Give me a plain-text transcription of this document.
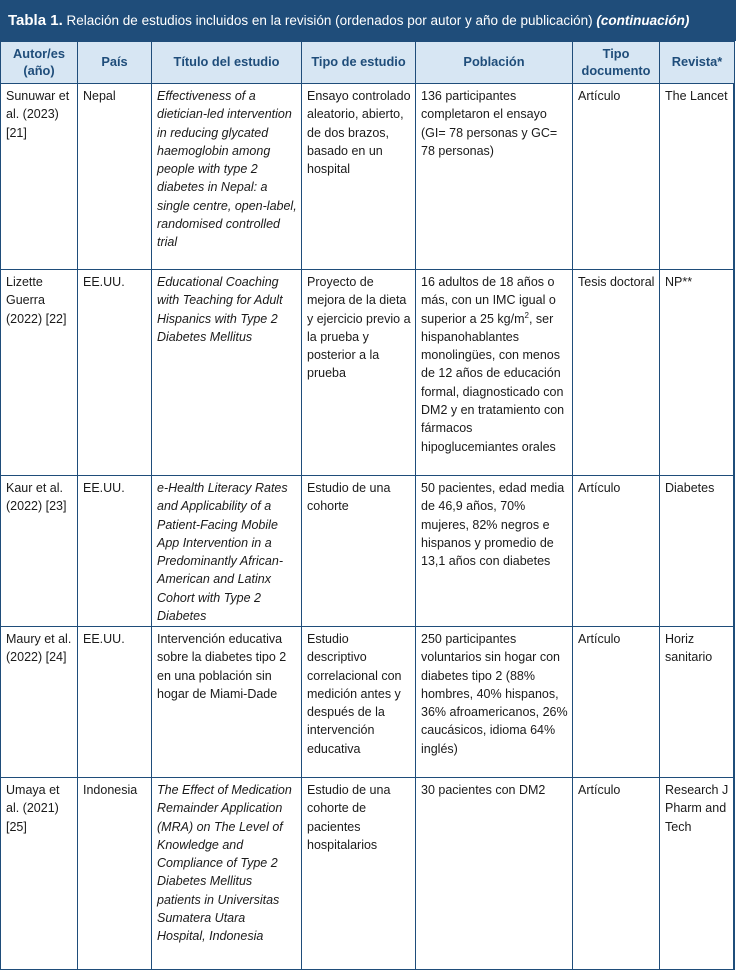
Tabla 1. Relación de estudios incluidos en la revisión (ordenados por autor y año de publicación) (continuación)
Autor/es (año)	País	Título del estudio	Tipo de estudio	Población	Tipo documento	Revista*
Sunuwar et al. (2023) [21]	Nepal	Effectiveness of a dietician-led intervention in reducing glycated haemoglobin among people with type 2 diabetes in Nepal: a single centre, open-label, randomised controlled trial	Ensayo controlado aleatorio, abierto, de dos brazos, basado en un hospital	136 participantes completaron el ensayo (GI= 78 personas y GC= 78 personas)	Artículo	The Lancet
Lizette Guerra (2022) [22]	EE.UU.	Educational Coaching with Teaching for Adult Hispanics with Type 2 Diabetes Mellitus	Proyecto de mejora de la dieta y ejercicio previo a la prueba y posterior a la prueba	16 adultos de 18 años o más, con un IMC igual o superior a 25 $kg/m^2$, ser hispanohablantes monolingües, con menos de 12 años de educación formal, diagnosticado con DM2 y en tratamiento con fármacos hipoglucemiantes orales	Tesis doctoral	NP**
Kaur et al. (2022) [23]	EE.UU.	e-Health Literacy Rates and Applicability of a Patient-Facing Mobile App Intervention in a Predominantly African-American and Latinx Cohort with Type 2 Diabetes	Estudio de una cohorte	50 pacientes, edad media de 46,9 años, 70% mujeres, 82% negros e hispanos y promedio de 13,1 años con diabetes	Artículo	Diabetes
Maury et al. (2022) [24]	EE.UU.	Intervención educativa sobre la diabetes tipo 2 en una población sin hogar de Miami-Dade	Estudio descriptivo correlacional con medición antes y después de la intervención educativa	250 participantes voluntarios sin hogar con diabetes tipo 2 (88% hombres, 40% hispanos, 36% afroamericanos, 26% caucásicos, idioma 64% inglés)	Artículo	Horiz sanitario
Umaya et al. (2021) [25]	Indonesia	The Effect of Medication Remainder Application (MRA) on The Level of Knowledge and Compliance of Type 2 Diabetes Mellitus patients in Universitas Sumatera Utara Hospital, Indonesia	Estudio de una cohorte de pacientes hospitalarios	30 pacientes con DM2	Artículo	Research J Pharm and Tech
